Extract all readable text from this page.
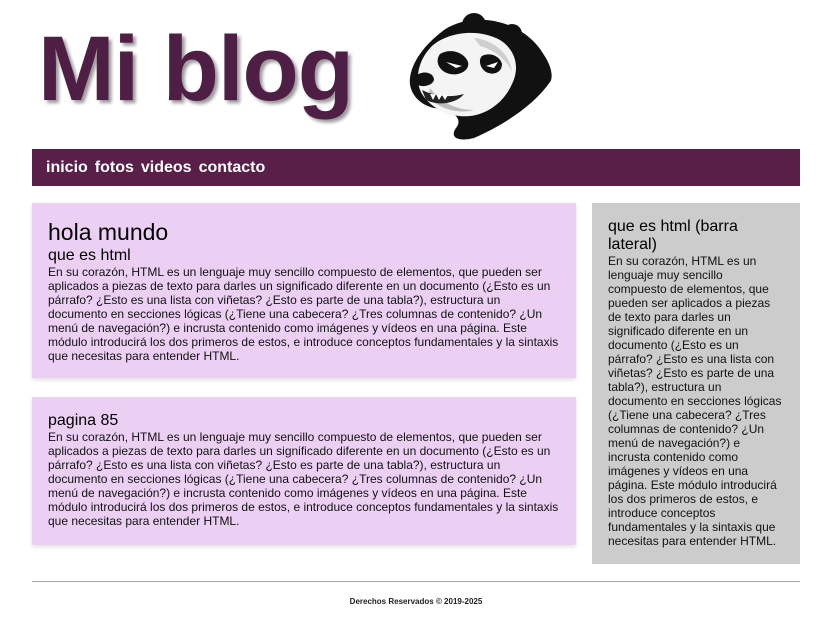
Mi blog
inicio fotos videos contacto
hola mundo
que es html

En su corazón, HTML es un lenguaje muy sencillo compuesto de elementos, que pueden ser aplicados a piezas de texto para darles un significado diferente en un documento (¿Esto es un párrafo? ¿Esto es una lista con viñetas? ¿Esto es parte de una tabla?), estructura un documento en secciones lógicas (¿Tiene una cabecera? ¿Tres columnas de contenido? ¿Un menú de navegación?) e incrusta contenido como imágenes y vídeos en una página. Este módulo introducirá los dos primeros de estos, e introduce conceptos fundamentales y la sintaxis que necesitas para entender HTML.

pagina 85

En su corazón, HTML es un lenguaje muy sencillo compuesto de elementos, que pueden ser aplicados a piezas de texto para darles un significado diferente en un documento (¿Esto es un párrafo? ¿Esto es una lista con viñetas? ¿Esto es parte de una tabla?), estructura un documento en secciones lógicas (¿Tiene una cabecera? ¿Tres columnas de contenido? ¿Un menú de navegación?) e incrusta contenido como imágenes y vídeos en una página. Este módulo introducirá los dos primeros de estos, e introduce conceptos fundamentales y la sintaxis que necesitas para entender HTML.

que es html (barra lateral)

En su corazón, HTML es un lenguaje muy sencillo compuesto de elementos, que pueden ser aplicados a piezas de texto para darles un significado diferente en un documento (¿Esto es un párrafo? ¿Esto es una lista con viñetas? ¿Esto es parte de una tabla?), estructura un documento en secciones lógicas (¿Tiene una cabecera? ¿Tres columnas de contenido? ¿Un menú de navegación?) e incrusta contenido como imágenes y vídeos en una página. Este módulo introducirá los dos primeros de estos, e introduce conceptos fundamentales y la sintaxis que necesitas para entender HTML.

Derechos Reservados © 2019-2025
